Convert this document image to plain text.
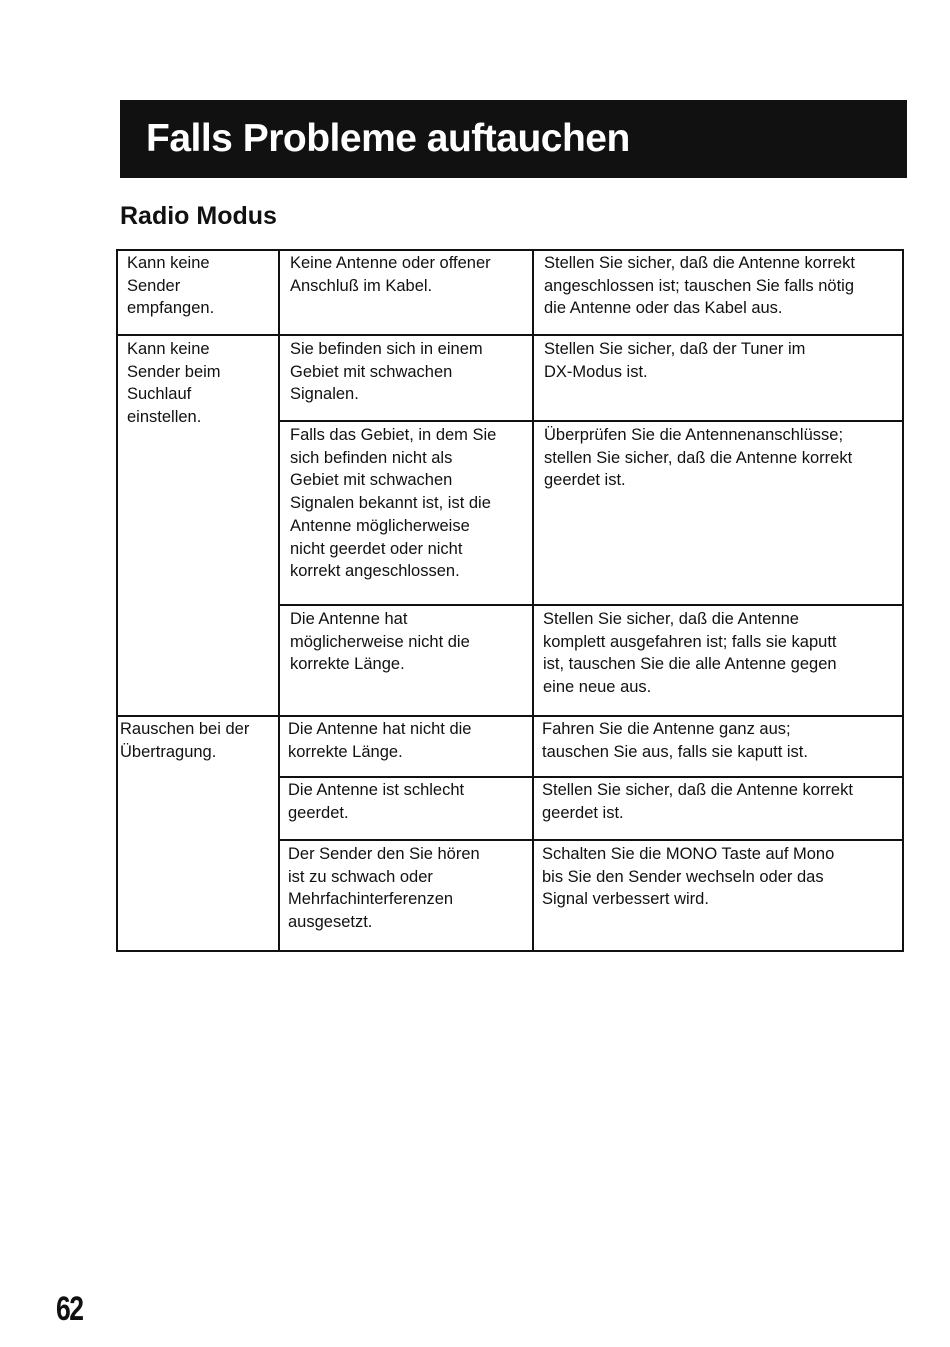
Falls Probleme auftauchen
Radio Modus
Kann keine
Sender
empfangen.
Keine Antenne oder offener
Anschluß im Kabel.
Stellen Sie sicher, daß die Antenne korrekt
angeschlossen ist; tauschen Sie falls nötig
die Antenne oder das Kabel aus.
Kann keine
Sender beim
Suchlauf
einstellen.
Sie befinden sich in einem
Gebiet mit schwachen
Signalen.
Stellen Sie sicher, daß der Tuner im
DX-Modus ist.
Falls das Gebiet, in dem Sie
sich befinden nicht als
Gebiet mit schwachen
Signalen bekannt ist, ist die
Antenne möglicherweise
nicht geerdet oder nicht
korrekt angeschlossen.
Überprüfen Sie die Antennenanschlüsse;
stellen Sie sicher, daß die Antenne korrekt
geerdet ist.
Die Antenne hat
möglicherweise nicht die
korrekte Länge.
Stellen Sie sicher, daß die Antenne
komplett ausgefahren ist; falls sie kaputt
ist, tauschen Sie die alle Antenne gegen
eine neue aus.
Rauschen bei der
Übertragung.
Die Antenne hat nicht die
korrekte Länge.
Fahren Sie die Antenne ganz aus;
tauschen Sie aus, falls sie kaputt ist.
Die Antenne ist schlecht
geerdet.
Stellen Sie sicher, daß die Antenne korrekt
geerdet ist.
Der Sender den Sie hören
ist zu schwach oder
Mehrfachinterferenzen
ausgesetzt.
Schalten Sie die MONO Taste auf Mono
bis Sie den Sender wechseln oder das
Signal verbessert wird.
62
